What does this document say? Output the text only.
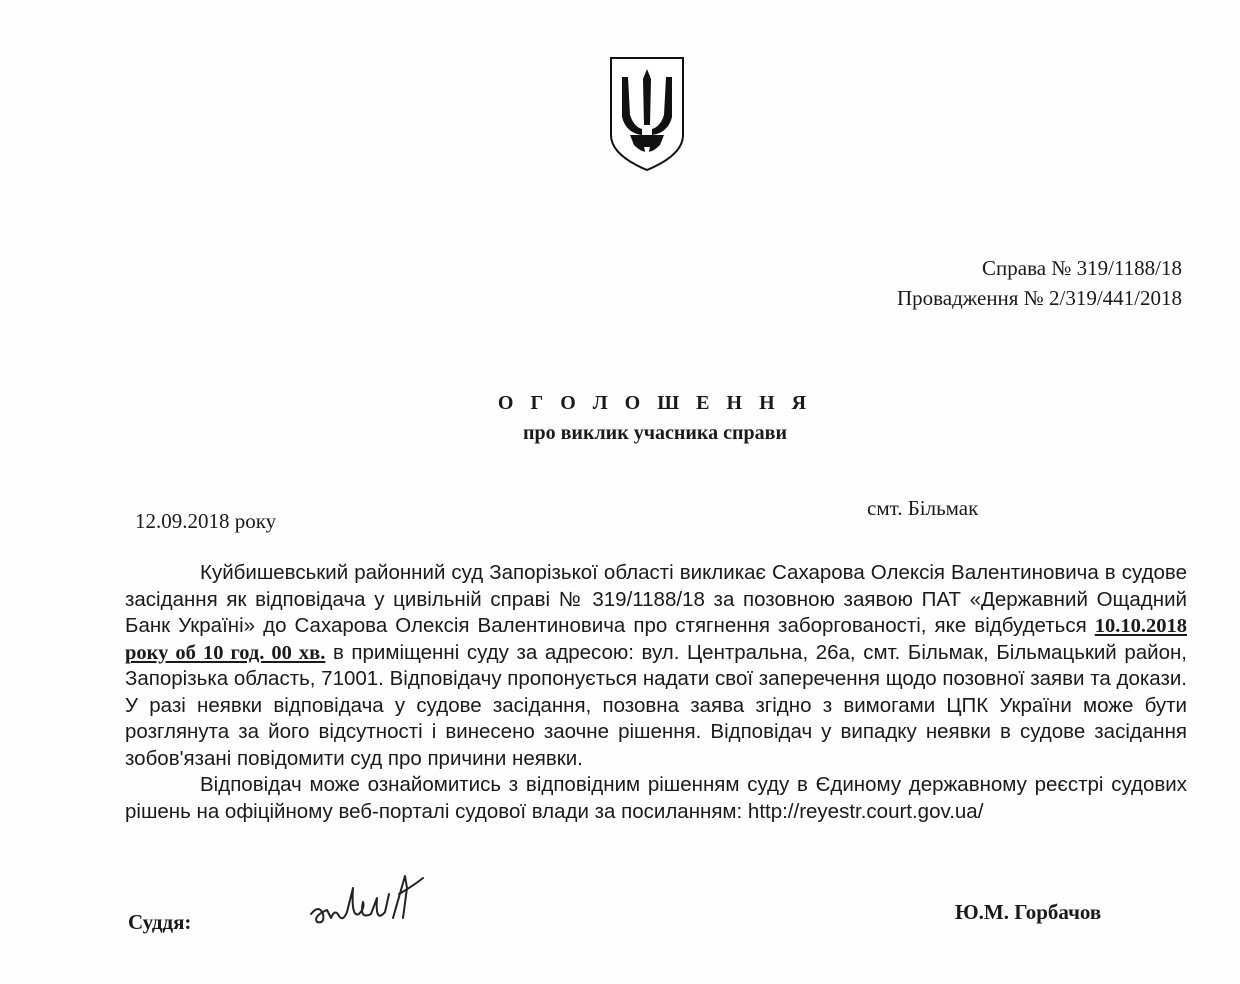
Справа № 319/1188/18
Провадження № 2/319/441/2018
О Г О Л О Ш Е Н Н Я
про виклик учасника справи
12.09.2018 року
смт. Більмак

Куйбишевський районний суд Запорізької області викликає Сахарова Олексія Валентиновича в судове засідання як відповідача у цивільній справі № 319/1188/18 за позовною заявою ПАТ «Державний Ощадний Банк Україні» до Сахарова Олексія Валентиновича про стягнення заборгованості, яке відбудеться 10.10.2018 року об 10 год. 00 хв. в приміщенні суду за адресою: вул. Центральна, 26а, смт. Більмак, Більмацький район, Запорізька область, 71001. Відповідачу пропонується надати свої заперечення щодо позовної заяви та докази. У разі неявки відповідача у судове засідання, позовна заява згідно з вимогами ЦПК України може бути розглянута за його відсутності і винесено заочне рішення. Відповідач у випадку неявки в судове засідання зобов'язані повідомити суд про причини неявки.

Відповідач може ознайомитись з відповідним рішенням суду в Єдиному державному реєстрі судових рішень на офіційному веб-порталі судової влади за посиланням: http://reyestr.court.gov.ua/

Суддя:	Ю.М. Горбачов
